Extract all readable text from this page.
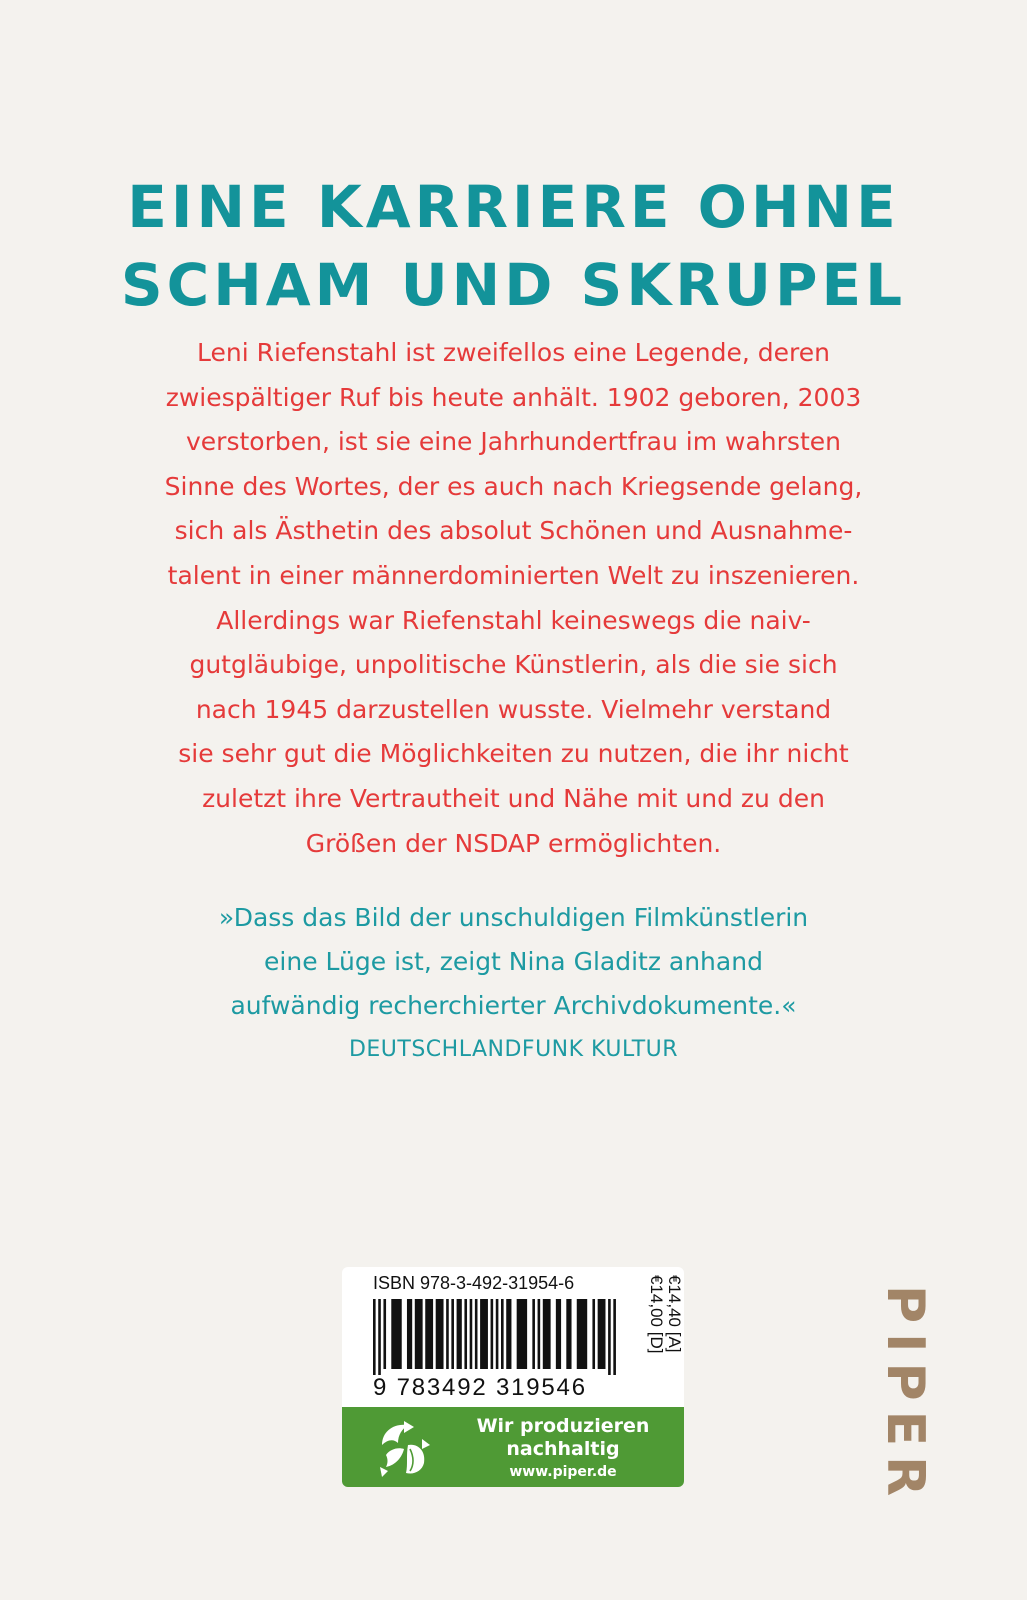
EINE KARRIERE OHNE
SCHAM UND SKRUPEL
Leni Riefenstahl ist zweifellos eine Legende, deren
zwiespältiger Ruf bis heute anhält. 1902 geboren, 2003
verstorben, ist sie eine Jahrhundertfrau im wahrsten
Sinne des Wortes, der es auch nach Kriegsende gelang,
sich als Ästhetin des absolut Schönen und Ausnahme-
talent in einer männerdominierten Welt zu inszenieren.
Allerdings war Riefenstahl keineswegs die naiv-
gutgläubige, unpolitische Künstlerin, als die sie sich
nach 1945 darzustellen wusste. Vielmehr verstand
sie sehr gut die Möglichkeiten zu nutzen, die ihr nicht
zuletzt ihre Vertrautheit und Nähe mit und zu den
Größen der NSDAP ermöglichten.
»Dass das Bild der unschuldigen Filmkünstlerin
eine Lüge ist, zeigt Nina Gladitz anhand
aufwändig recherchierter Archivdokumente.«
DEUTSCHLANDFUNK KULTUR
ISBN 978-3-492-31954-6
9 783492 319546
€14,00 [D] €14,40 [A]
Wir produzieren
nachhaltig
www.piper.de	PIPER
